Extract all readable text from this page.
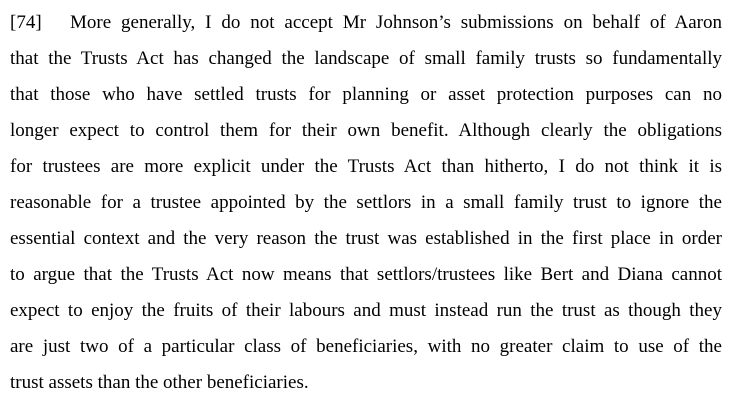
[74]	More generally, I do not accept Mr Johnson’s submissions on behalf of Aaron
that the Trusts Act has changed the landscape of small family trusts so fundamentally
that those who have settled trusts for planning or asset protection purposes can no
longer expect to control them for their own benefit. Although clearly the obligations
for trustees are more explicit under the Trusts Act than hitherto, I do not think it is
reasonable for a trustee appointed by the settlors in a small family trust to ignore the
essential context and the very reason the trust was established in the first place in order
to argue that the Trusts Act now means that settlors/trustees like Bert and Diana cannot
expect to enjoy the fruits of their labours and must instead run the trust as though they
are just two of a particular class of beneficiaries, with no greater claim to use of the
trust assets than the other beneficiaries.
